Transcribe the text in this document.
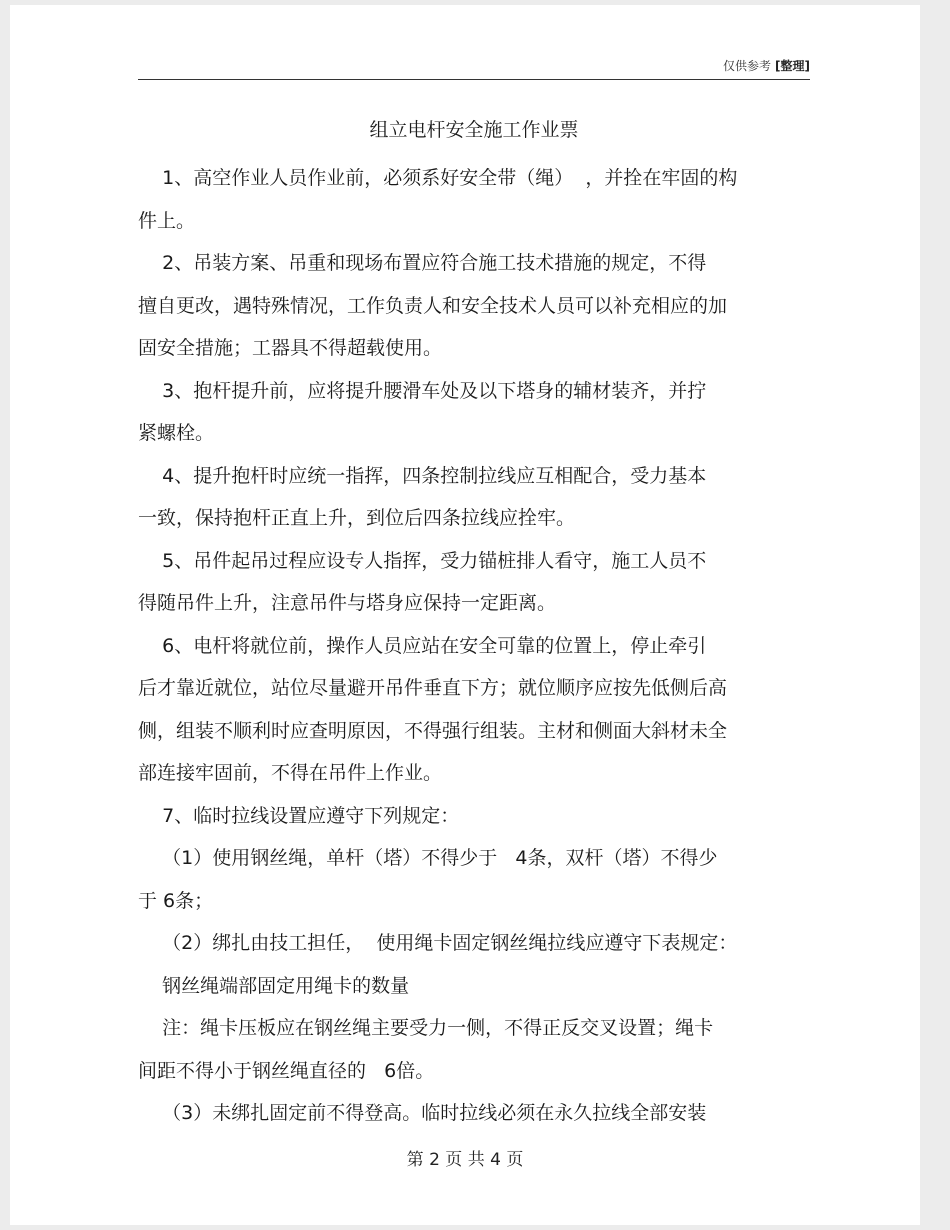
仅供参考 [整理]
组立电杆安全施工作业票
1、高空作业人员作业前，必须系好安全带（绳）  ，并拴在牢固的构
件上。
2、吊装方案、吊重和现场布置应符合施工技术措施的规定，不得
擅自更改，遇特殊情况，工作负责人和安全技术人员可以补充相应的加
固安全措施；工器具不得超载使用。
3、抱杆提升前，应将提升腰滑车处及以下塔身的辅材装齐，并拧
紧螺栓。
4、提升抱杆时应统一指挥，四条控制拉线应互相配合，受力基本
一致，保持抱杆正直上升，到位后四条拉线应拴牢。
5、吊件起吊过程应设专人指挥，受力锚桩排人看守，施工人员不
得随吊件上升，注意吊件与塔身应保持一定距离。
6、电杆将就位前，操作人员应站在安全可靠的位置上，停止牵引
后才靠近就位，站位尽量避开吊件垂直下方；就位顺序应按先低侧后高
侧，组装不顺利时应查明原因，不得强行组装。主材和侧面大斜材未全
部连接牢固前，不得在吊件上作业。
7、临时拉线设置应遵守下列规定：
（1）使用钢丝绳，单杆（塔）不得少于   4条，双杆（塔）不得少
于 6条；
（2）绑扎由技工担任，  使用绳卡固定钢丝绳拉线应遵守下表规定：
钢丝绳端部固定用绳卡的数量
注：绳卡压板应在钢丝绳主要受力一侧，不得正反交叉设置；绳卡
间距不得小于钢丝绳直径的   6倍。
（3）未绑扎固定前不得登高。临时拉线必须在永久拉线全部安装
第 2 页 共 4 页
